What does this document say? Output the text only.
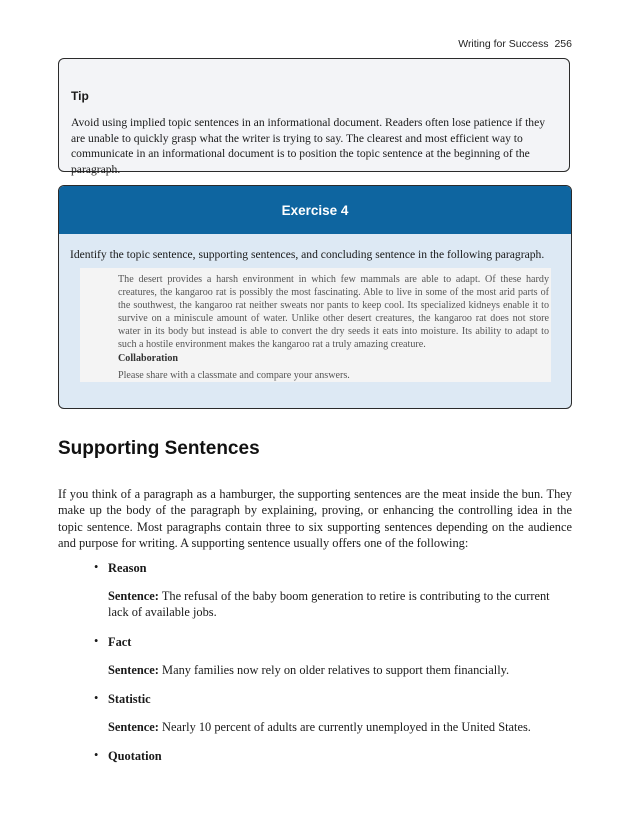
Writing for Success 256

Tip

Avoid using implied topic sentences in an informational document. Readers often lose patience if they are unable to quickly grasp what the writer is trying to say. The clearest and most efficient way to communicate in an informational document is to position the topic sentence at the beginning of the paragraph.

Exercise 4

Identify the topic sentence, supporting sentences, and concluding sentence in the following paragraph.

The desert provides a harsh environment in which few mammals are able to adapt. Of these hardy creatures, the kangaroo rat is possibly the most fascinating. Able to live in some of the most arid parts of the southwest, the kangaroo rat neither sweats nor pants to keep cool. Its specialized kidneys enable it to survive on a miniscule amount of water. Unlike other desert creatures, the kangaroo rat does not store water in its body but instead is able to convert the dry seeds it eats into moisture. Its ability to adapt to such a hostile environment makes the kangaroo rat a truly amazing creature.

Collaboration

Please share with a classmate and compare your answers.

Supporting Sentences

If you think of a paragraph as a hamburger, the supporting sentences are the meat inside the bun. They make up the body of the paragraph by explaining, proving, or enhancing the controlling idea in the topic sentence. Most paragraphs contain three to six supporting sentences depending on the audience and purpose for writing. A supporting sentence usually offers one of the following:

• Reason

Sentence: The refusal of the baby boom generation to retire is contributing to the current lack of available jobs.

• Fact

Sentence: Many families now rely on older relatives to support them financially.

• Statistic

Sentence: Nearly 10 percent of adults are currently unemployed in the United States.

• Quotation
